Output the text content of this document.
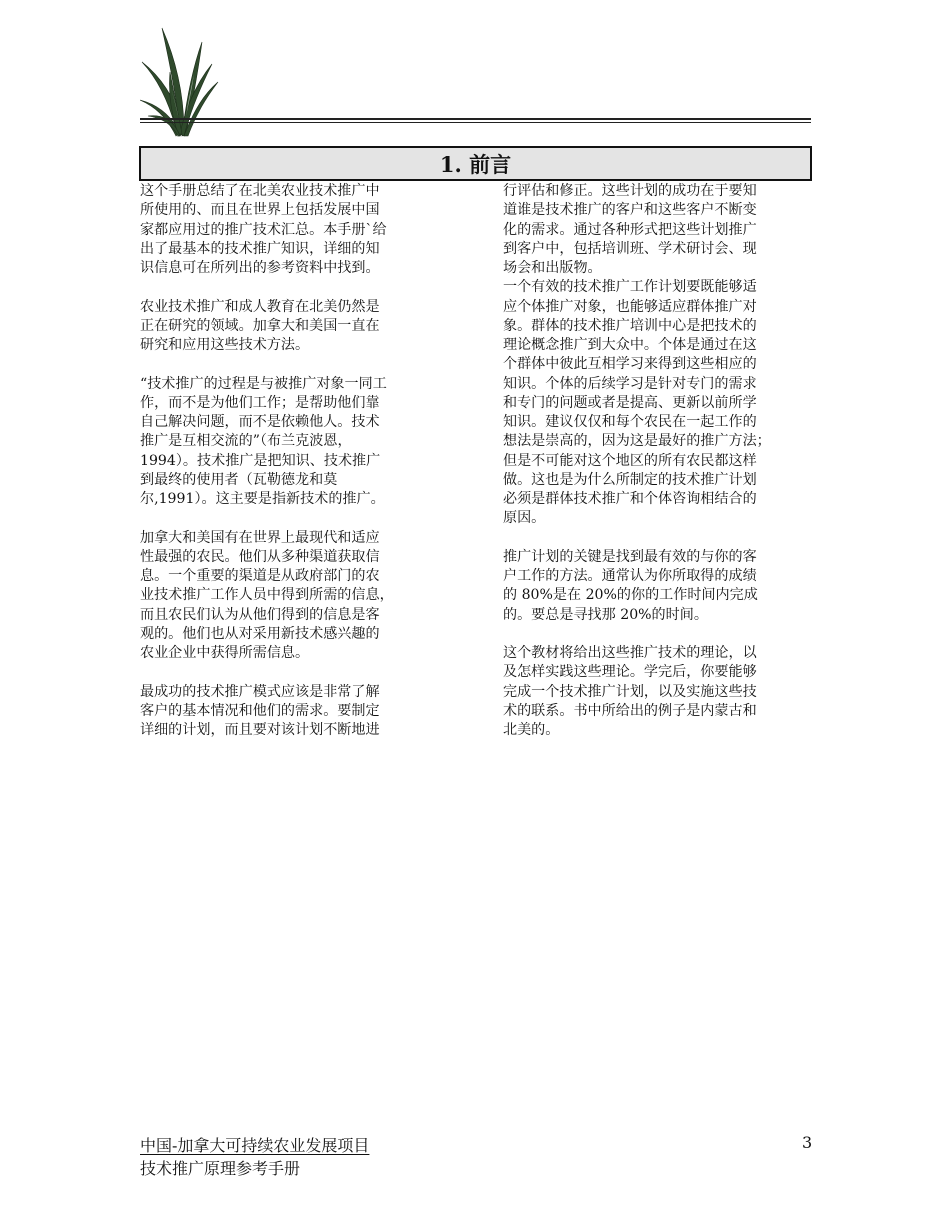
1. 前言
这个手册总结了在北美农业技术推广中
所使用的、而且在世界上包括发展中国
家都应用过的推广技术汇总。本手册`给
出了最基本的技术推广知识，详细的知
识信息可在所列出的参考资料中找到。
农业技术推广和成人教育在北美仍然是
正在研究的领域。加拿大和美国一直在
研究和应用这些技术方法。
“技术推广的过程是与被推广对象一同工
作，而不是为他们工作；是帮助他们靠
自己解决问题，而不是依赖他人。技术
推广是互相交流的”（布兰克波恩，
1994）。技术推广是把知识、技术推广
到最终的使用者（瓦勒德龙和莫
尔,1991）。这主要是指新技术的推广。
加拿大和美国有在世界上最现代和适应
性最强的农民。他们从多种渠道获取信
息。一个重要的渠道是从政府部门的农
业技术推广工作人员中得到所需的信息，
而且农民们认为从他们得到的信息是客
观的。他们也从对采用新技术感兴趣的
农业企业中获得所需信息。
最成功的技术推广模式应该是非常了解
客户的基本情况和他们的需求。要制定
详细的计划，而且要对该计划不断地进
行评估和修正。这些计划的成功在于要知
道谁是技术推广的客户和这些客户不断变
化的需求。通过各种形式把这些计划推广
到客户中，包括培训班、学术研讨会、现
场会和出版物。
一个有效的技术推广工作计划要既能够适
应个体推广对象，也能够适应群体推广对
象。群体的技术推广培训中心是把技术的
理论概念推广到大众中。个体是通过在这
个群体中彼此互相学习来得到这些相应的
知识。个体的后续学习是针对专门的需求
和专门的问题或者是提高、更新以前所学
知识。建议仅仅和每个农民在一起工作的
想法是崇高的，因为这是最好的推广方法；
但是不可能对这个地区的所有农民都这样
做。这也是为什么所制定的技术推广计划
必须是群体技术推广和个体咨询相结合的
原因。
推广计划的关键是找到最有效的与你的客
户工作的方法。通常认为你所取得的成绩
的 80%是在 20%的你的工作时间内完成
的。要总是寻找那 20%的时间。
这个教材将给出这些推广技术的理论，以
及怎样实践这些理论。学完后，你要能够
完成一个技术推广计划，以及实施这些技
术的联系。书中所给出的例子是内蒙古和
北美的。
中国-加拿大可持续农业发展项目
技术推广原理参考手册
3
